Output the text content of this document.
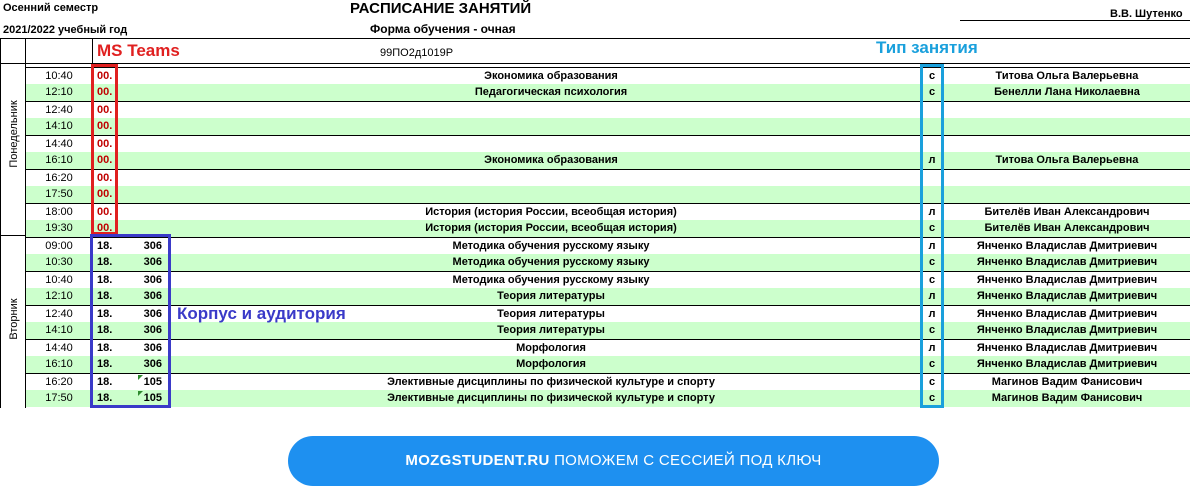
Осенний семестр
2021/2022 учебный год
РАСПИСАНИЕ ЗАНЯТИЙ
Форма обучения - очная
В.В. Шутенко
99ПО2д1019Р
10:40	00.	Экономика образования	с	Титова Ольга Валерьевна
12:10	00.	Педагогическая психология	с	Бенелли Лана Николаевна
12:40	00.
14:10	00.
14:40	00.
16:10	00.	Экономика образования	л	Титова Ольга Валерьевна
16:20	00.
17:50	00.
18:00	00.	История (история России, всеобщая история)	л	Бителёв Иван Александрович
19:30	00.	История (история России, всеобщая история)	с	Бителёв Иван Александрович
09:00	18.	306	Методика обучения русскому языку	л	Янченко Владислав Дмитриевич
10:30	18.	306	Методика обучения русскому языку	с	Янченко Владислав Дмитриевич
10:40	18.	306	Методика обучения русскому языку	с	Янченко Владислав Дмитриевич
12:10	18.	306	Теория литературы	л	Янченко Владислав Дмитриевич
12:40	18.	306	Теория литературы	л	Янченко Владислав Дмитриевич
14:10	18.	306	Теория литературы	с	Янченко Владислав Дмитриевич
14:40	18.	306	Морфология	л	Янченко Владислав Дмитриевич
16:10	18.	306	Морфология	с	Янченко Владислав Дмитриевич
16:20	18.	105	Элективные дисциплины по физической культуре и спорту	с	Магинов Вадим Фанисович
17:50	18.	105	Элективные дисциплины по физической культуре и спорту	с	Магинов Вадим Фанисович
Понедельник
Вторник
MS Teams	Тип занятия
Корпус и аудитория
MOZGSTUDENT.RU ПОМОЖЕМ С СЕССИЕЙ ПОД КЛЮЧ
